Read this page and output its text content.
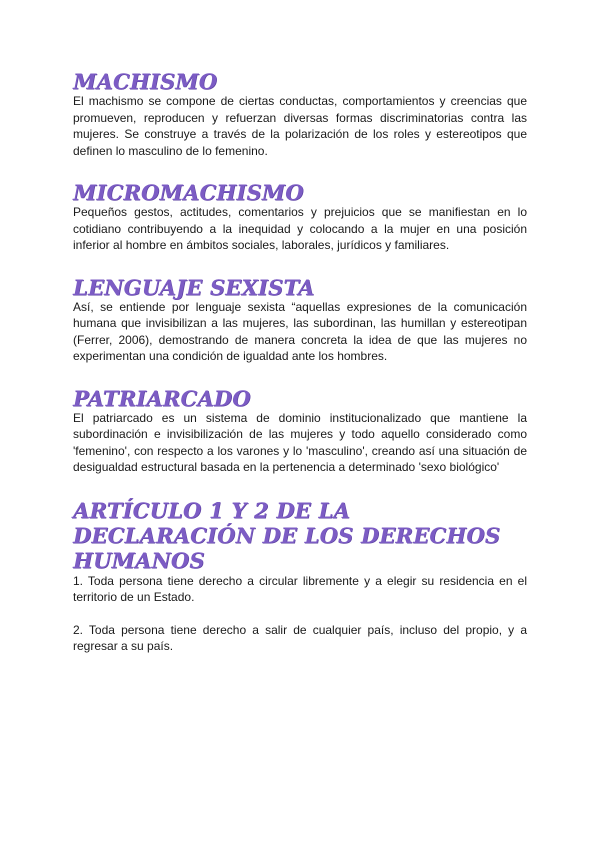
MACHISMO

El machismo se compone de ciertas conductas, comportamientos y creencias que promueven, reproducen y refuerzan diversas formas discriminatorias contra las mujeres. Se construye a través de la polarización de los roles y estereotipos que definen lo masculino de lo femenino.

MICROMACHISMO

Pequeños gestos, actitudes, comentarios y prejuicios que se manifiestan en lo cotidiano contribuyendo a la inequidad y colocando a la mujer en una posición inferior al hombre en ámbitos sociales, laborales, jurídicos y familiares.

LENGUAJE SEXISTA

Así, se entiende por lenguaje sexista “aquellas expresiones de la comunicación humana que invisibilizan a las mujeres, las subordinan, las humillan y estereotipan (Ferrer, 2006), demostrando de manera concreta la idea de que las mujeres no experimentan una condición de igualdad ante los hombres.

PATRIARCADO

El patriarcado es un sistema de dominio institucionalizado que mantiene la subordinación e invisibilización de las mujeres y todo aquello considerado como 'femenino', con respecto a los varones y lo 'masculino', creando así una situación de desigualdad estructural basada en la pertenencia a determinado 'sexo biológico'

ARTÍCULO 1 Y 2 DE LA DECLARACIÓN DE LOS DERECHOS HUMANOS

1. Toda persona tiene derecho a circular libremente y a elegir su residencia en el territorio de un Estado.

2. Toda persona tiene derecho a salir de cualquier país, incluso del propio, y a regresar a su país.
